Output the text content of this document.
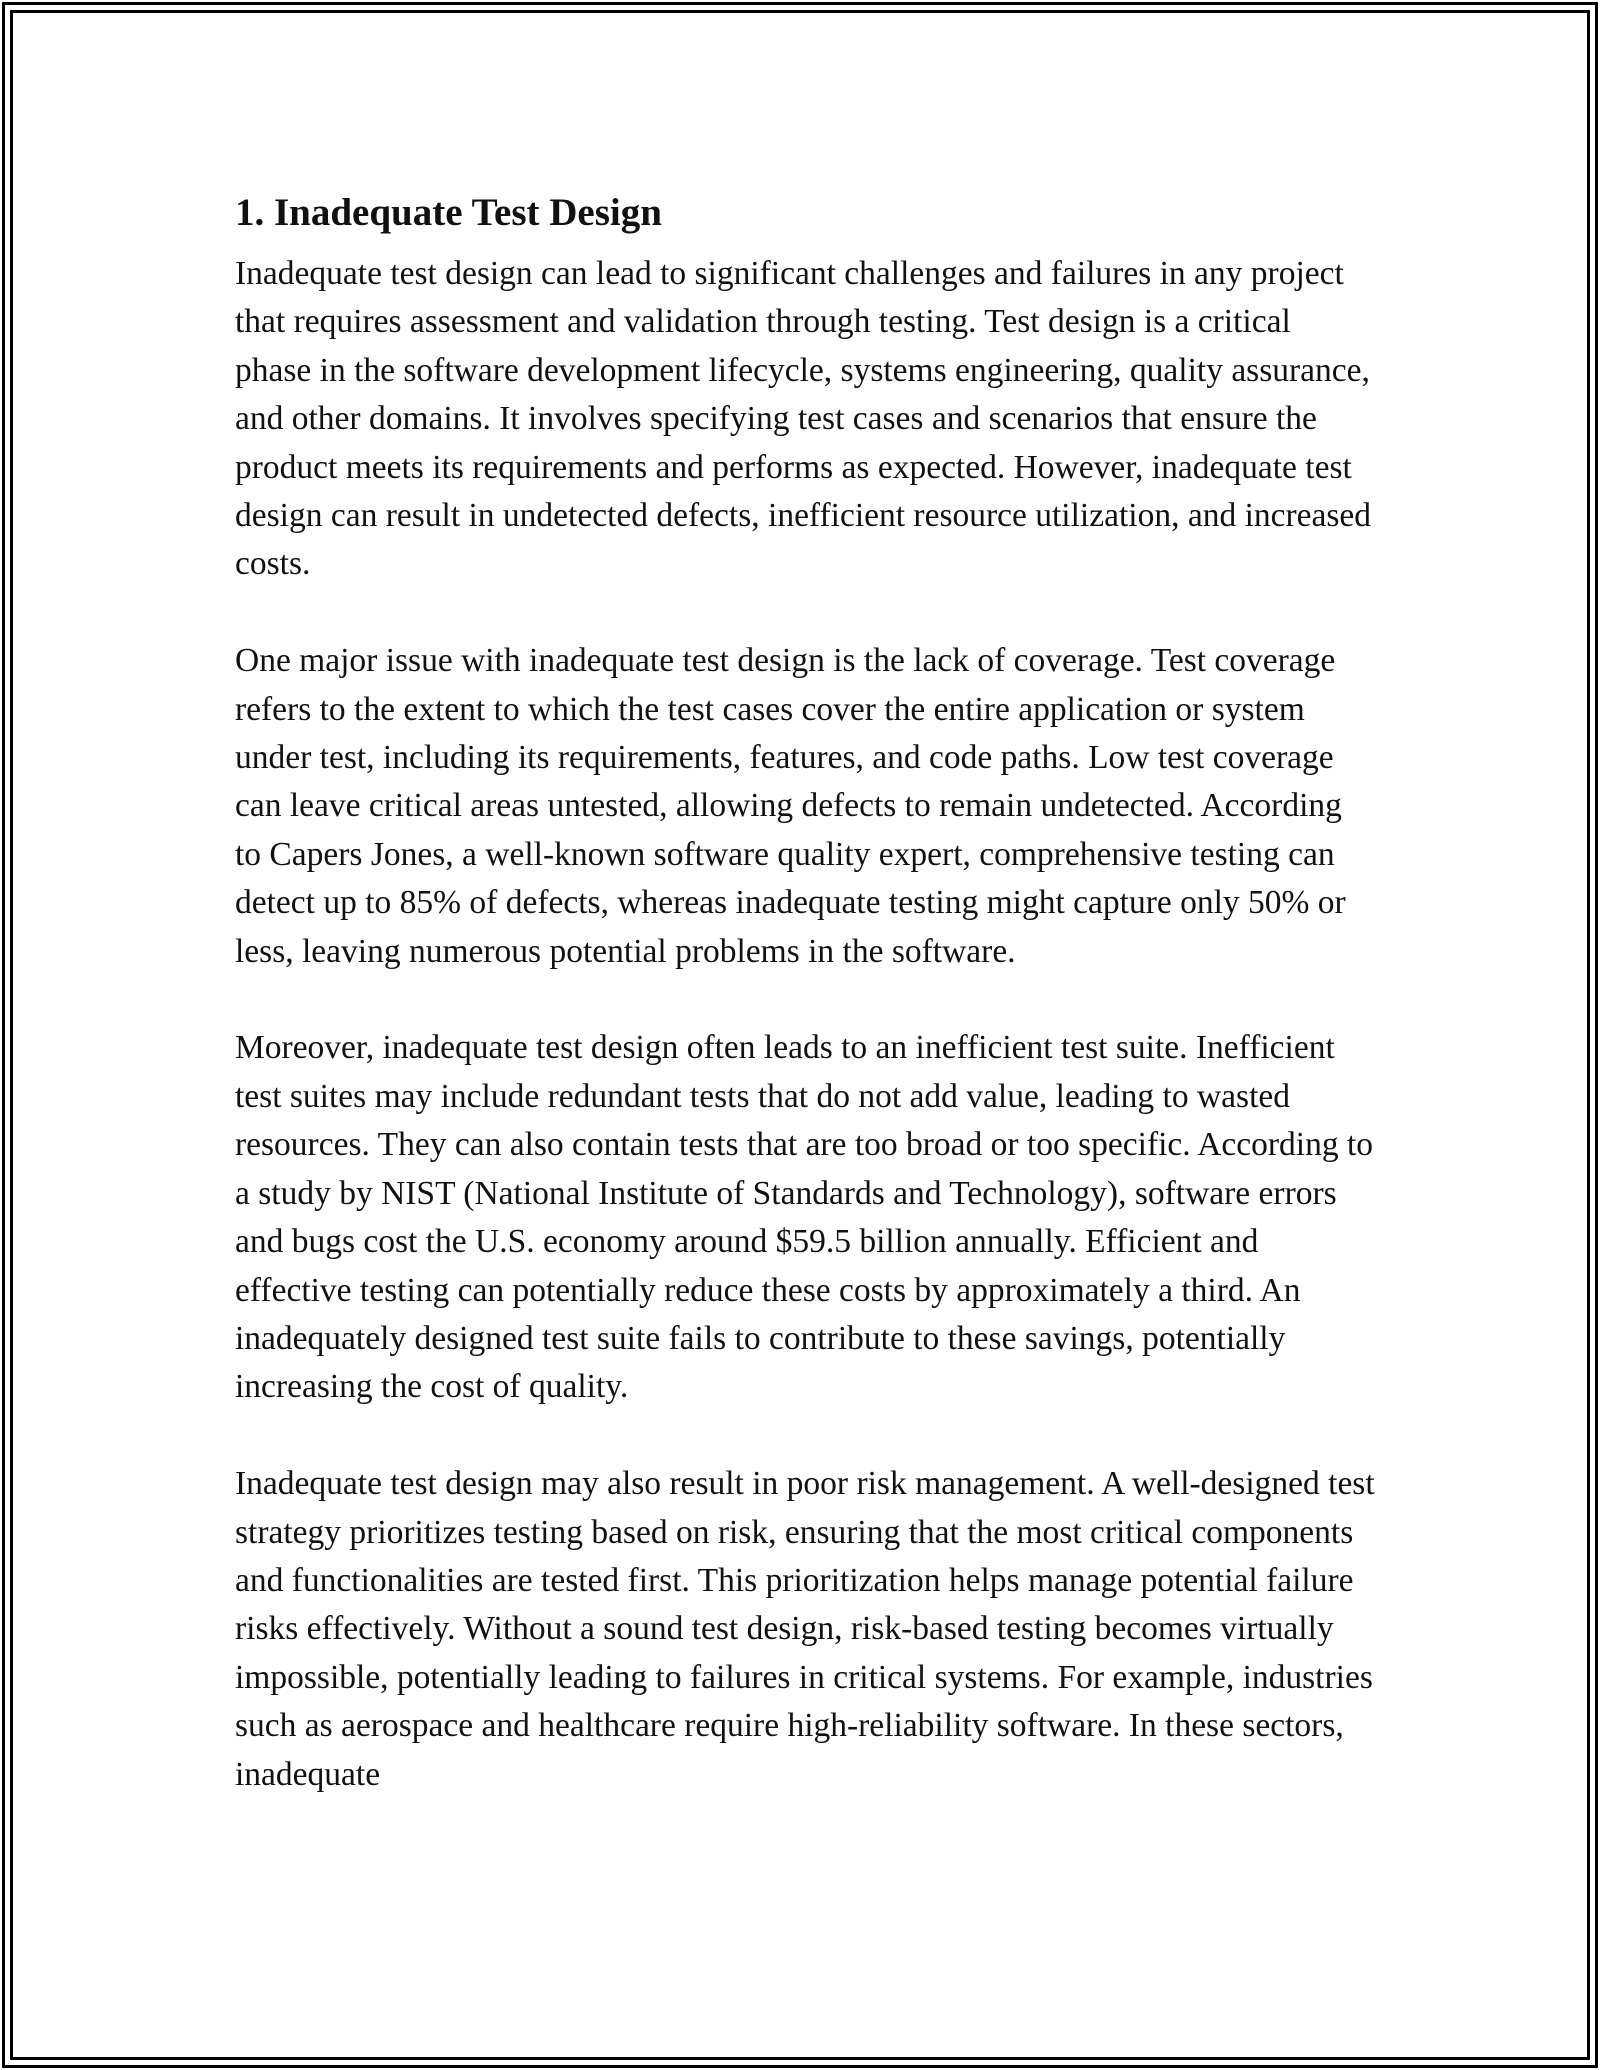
1. Inadequate Test Design

Inadequate test design can lead to significant challenges and failures in any project that requires assessment and validation through testing. Test design is a critical phase in the software development lifecycle, systems engineering, quality assurance, and other domains. It involves specifying test cases and scenarios that ensure the product meets its requirements and performs as expected. However, inadequate test design can result in undetected defects, inefficient resource utilization, and increased costs.

One major issue with inadequate test design is the lack of coverage. Test coverage refers to the extent to which the test cases cover the entire application or system under test, including its requirements, features, and code paths. Low test coverage can leave critical areas untested, allowing defects to remain undetected. According to Capers Jones, a well-known software quality expert, comprehensive testing can detect up to 85% of defects, whereas inadequate testing might capture only 50% or less, leaving numerous potential problems in the software.

Moreover, inadequate test design often leads to an inefficient test suite. Inefficient test suites may include redundant tests that do not add value, leading to wasted resources. They can also contain tests that are too broad or too specific. According to a study by NIST (National Institute of Standards and Technology), software errors and bugs cost the U.S. economy around $59.5 billion annually. Efficient and effective testing can potentially reduce these costs by approximately a third. An inadequately designed test suite fails to contribute to these savings, potentially increasing the cost of quality.

Inadequate test design may also result in poor risk management. A well-designed test strategy prioritizes testing based on risk, ensuring that the most critical components and functionalities are tested first. This prioritization helps manage potential failure risks effectively. Without a sound test design, risk-based testing becomes virtually impossible, potentially leading to failures in critical systems. For example, industries such as aerospace and healthcare require high-reliability software. In these sectors, inadequate
